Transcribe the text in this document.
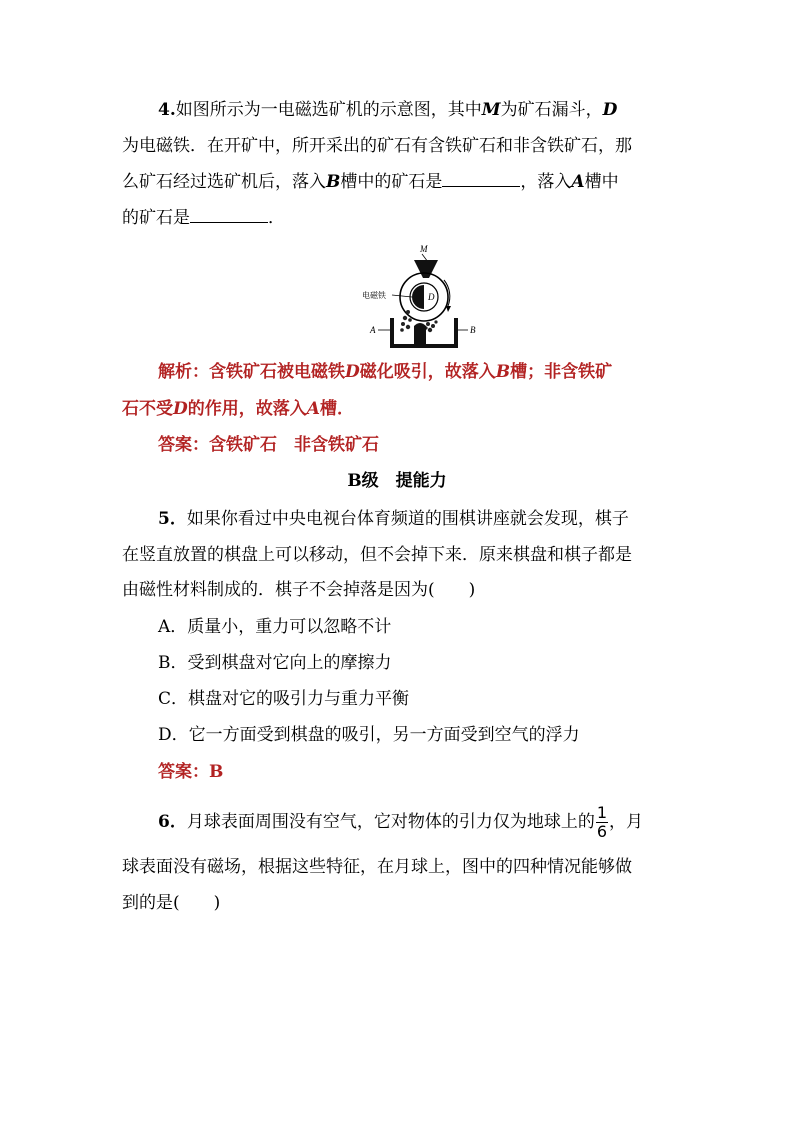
4.如图所示为一电磁选矿机的示意图，其中M为矿石漏斗，D
为电磁铁．在开矿中，所开采出的矿石有含铁矿石和非含铁矿石，那
么矿石经过选矿机后，落入B槽中的矿石是	，落入A槽中
的矿石是	．
M
D
电磁铁
A	B
解析：含铁矿石被电磁铁D磁化吸引，故落入B槽；非含铁矿
石不受D的作用，故落入A槽．
答案：含铁矿石　非含铁矿石
B级　提能力
5．如果你看过中央电视台体育频道的围棋讲座就会发现，棋子
在竖直放置的棋盘上可以移动，但不会掉下来．原来棋盘和棋子都是
由磁性材料制成的．棋子不会掉落是因为(　　)
A．质量小，重力可以忽略不计
B．受到棋盘对它向上的摩擦力
C．棋盘对它的吸引力与重力平衡
D．它一方面受到棋盘的吸引，另一方面受到空气的浮力
答案：B
6．月球表面周围没有空气，它对物体的引力仅为地球上的 $\frac{1}{6}$ ，月
球表面没有磁场，根据这些特征，在月球上，图中的四种情况能够做
到的是(　　)
